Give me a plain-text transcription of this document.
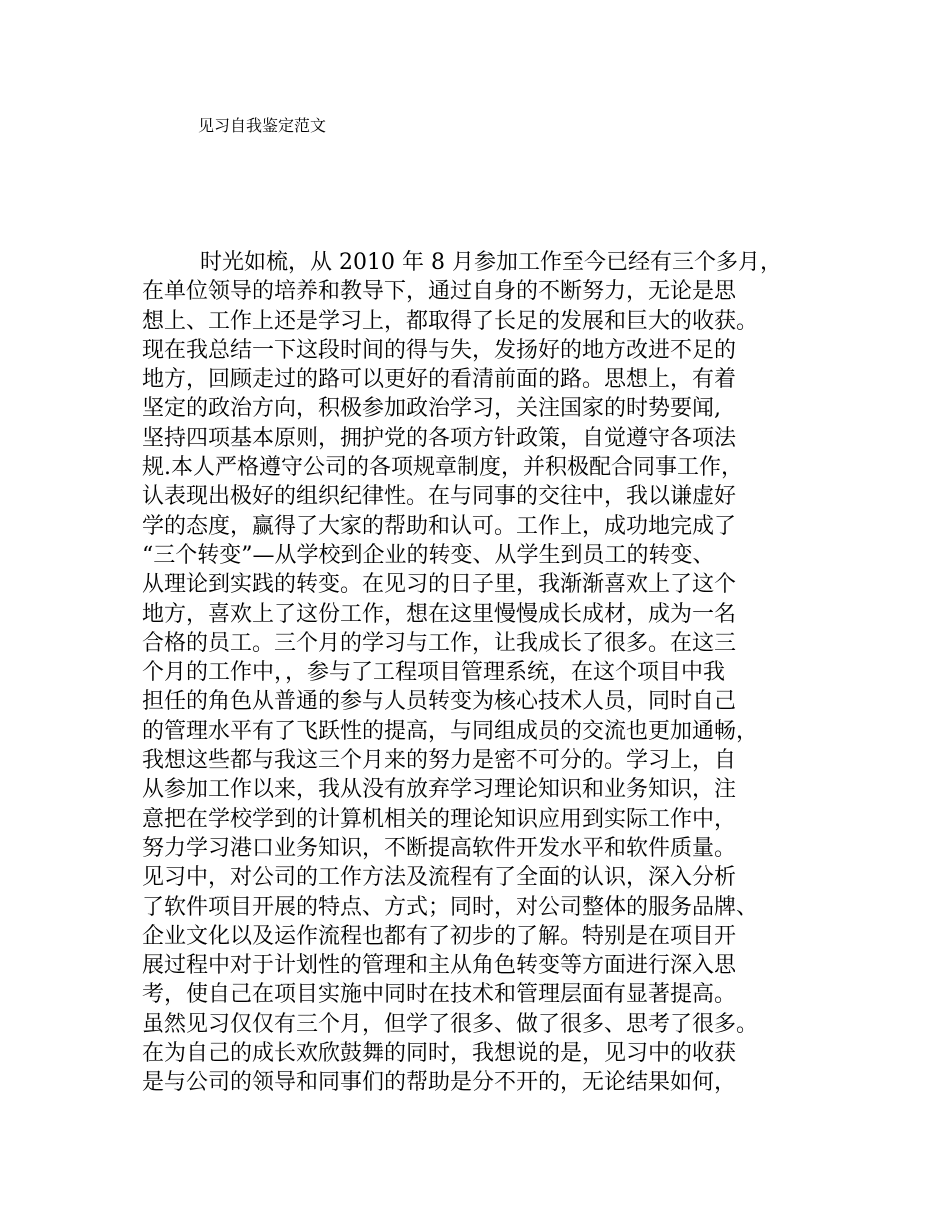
见习自我鉴定范文
时光如梳，从 2010 年 8 月参加工作至今已经有三个多月，
在单位领导的培养和教导下，通过自身的不断努力，无论是思
想上、工作上还是学习上，都取得了长足的发展和巨大的收获。
现在我总结一下这段时间的得与失，发扬好的地方改进不足的
地方，回顾走过的路可以更好的看清前面的路。思想上，有着
坚定的政治方向，积极参加政治学习，关注国家的时势要闻,
坚持四项基本原则，拥护党的各项方针政策，自觉遵守各项法
规.本人严格遵守公司的各项规章制度，并积极配合同事工作，
认表现出极好的组织纪律性。在与同事的交往中，我以谦虚好
学的态度，赢得了大家的帮助和认可。工作上，成功地完成了
“三个转变”—从学校到企业的转变、从学生到员工的转变、
从理论到实践的转变。在见习的日子里，我渐渐喜欢上了这个
地方，喜欢上了这份工作，想在这里慢慢成长成材，成为一名
合格的员工。三个月的学习与工作，让我成长了很多。在这三
个月的工作中，，参与了工程项目管理系统，在这个项目中我
担任的角色从普通的参与人员转变为核心技术人员，同时自己
的管理水平有了飞跃性的提高，与同组成员的交流也更加通畅，
我想这些都与我这三个月来的努力是密不可分的。学习上，自
从参加工作以来，我从没有放弃学习理论知识和业务知识，注
意把在学校学到的计算机相关的理论知识应用到实际工作中，
努力学习港口业务知识，不断提高软件开发水平和软件质量。
见习中，对公司的工作方法及流程有了全面的认识，深入分析
了软件项目开展的特点、方式；同时，对公司整体的服务品牌、
企业文化以及运作流程也都有了初步的了解。特别是在项目开
展过程中对于计划性的管理和主从角色转变等方面进行深入思
考，使自己在项目实施中同时在技术和管理层面有显著提高。
虽然见习仅仅有三个月，但学了很多、做了很多、思考了很多。
在为自己的成长欢欣鼓舞的同时，我想说的是，见习中的收获
是与公司的领导和同事们的帮助是分不开的，无论结果如何，
